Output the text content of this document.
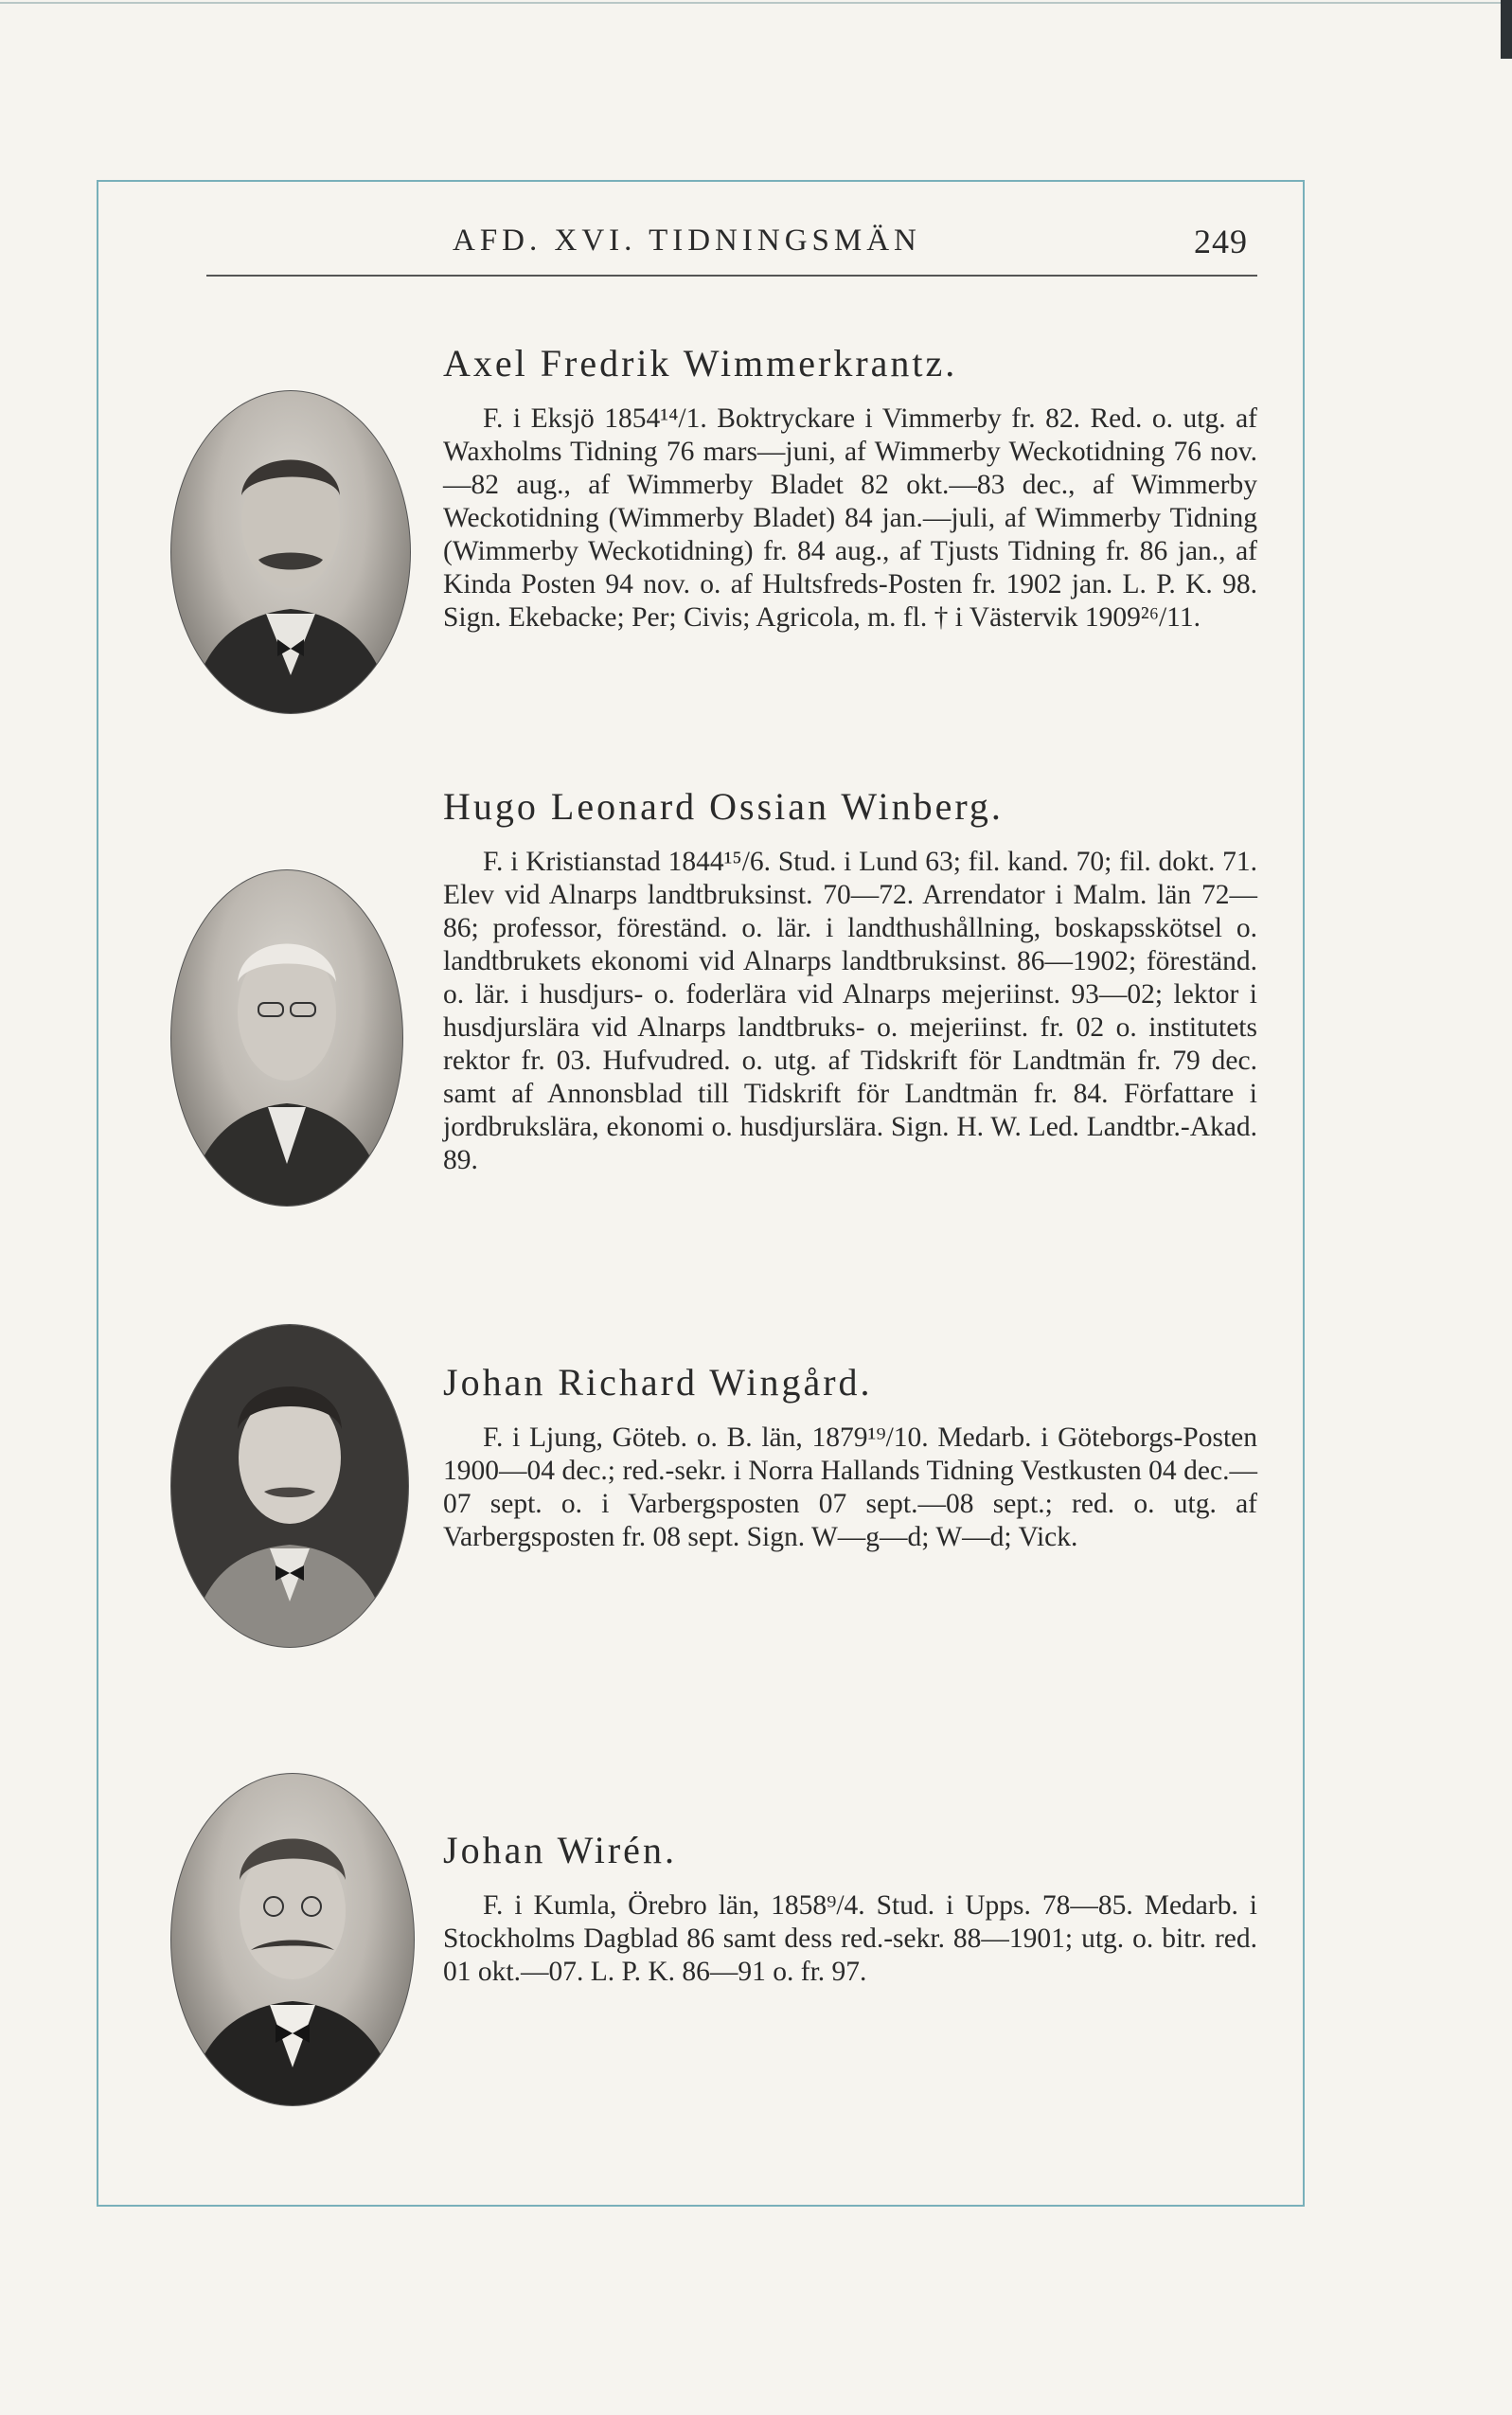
AFD. XVI. TIDNINGSMÄN	249
Axel Fredrik Wimmerkrantz.

F. i Eksjö 1854¹⁴/1. Boktryckare i Vimmerby fr. 82. Red. o. utg. af Waxholms Tidning 76 mars—juni, af Wimmerby Weckotidning 76 nov.—82 aug., af Wimmerby Bladet 82 okt.—83 dec., af Wimmerby Weckotidning (Wimmerby Bladet) 84 jan.—juli, af Wimmerby Tidning (Wimmerby Weckotidning) fr. 84 aug., af Tjusts Tidning fr. 86 jan., af Kinda Posten 94 nov. o. af Hultsfreds-Posten fr. 1902 jan. L. P. K. 98. Sign. Ekebacke; Per; Civis; Agricola, m. fl. † i Västervik 1909²⁶/11.

Hugo Leonard Ossian Winberg.

F. i Kristianstad 1844¹⁵/6. Stud. i Lund 63; fil. kand. 70; fil. dokt. 71. Elev vid Alnarps landtbruksinst. 70—72. Arrendator i Malm. län 72—86; professor, föreständ. o. lär. i landthushållning, boskapsskötsel o. landtbrukets ekonomi vid Alnarps landtbruksinst. 86—1902; föreständ. o. lär. i husdjurs- o. foderlära vid Alnarps mejeriinst. 93—02; lektor i husdjurslära vid Alnarps landtbruks- o. mejeriinst. fr. 02 o. institutets rektor fr. 03. Hufvudred. o. utg. af Tidskrift för Landtmän fr. 79 dec. samt af Annonsblad till Tidskrift för Landtmän fr. 84. Författare i jordbrukslära, ekonomi o. husdjurslära. Sign. H. W. Led. Landtbr.-Akad. 89.

Johan Richard Wingård.

F. i Ljung, Göteb. o. B. län, 1879¹⁹/10. Medarb. i Göteborgs-Posten 1900—04 dec.; red.-sekr. i Norra Hallands Tidning Vestkusten 04 dec.—07 sept. o. i Varbergsposten 07 sept.—08 sept.; red. o. utg. af Varbergsposten fr. 08 sept. Sign. W—g—d; W—d; Vick.

Johan Wirén.

F. i Kumla, Örebro län, 1858⁹/4. Stud. i Upps. 78—85. Medarb. i Stockholms Dagblad 86 samt dess red.-sekr. 88—1901; utg. o. bitr. red. 01 okt.—07. L. P. K. 86—91 o. fr. 97.
